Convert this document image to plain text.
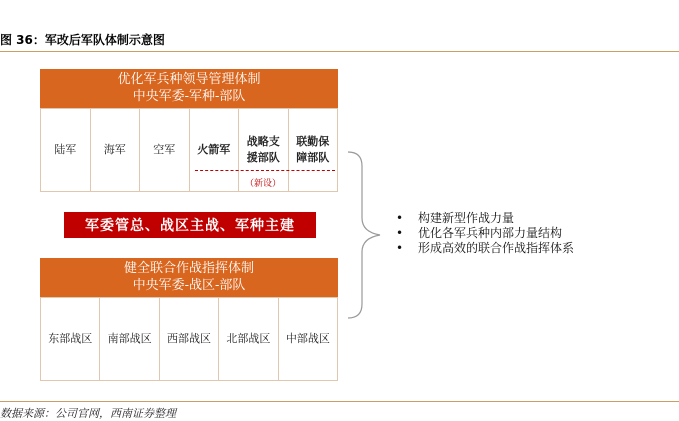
图 36：军改后军队体制示意图
优化军兵种领导管理体制
中央军委-军种-部队
陆军	海军	空军 火箭军
战略支
援部队
联勤保
障部队
（新设）
军委管总、战区主战、军种主建
健全联合作战指挥体制
中央军委-战区-部队
东部战区 南部战区 西部战区 北部战区 中部战区
• 构建新型作战力量
• 优化各军兵种内部力量结构
• 形成高效的联合作战指挥体系
数据来源：公司官网，西南证券整理
